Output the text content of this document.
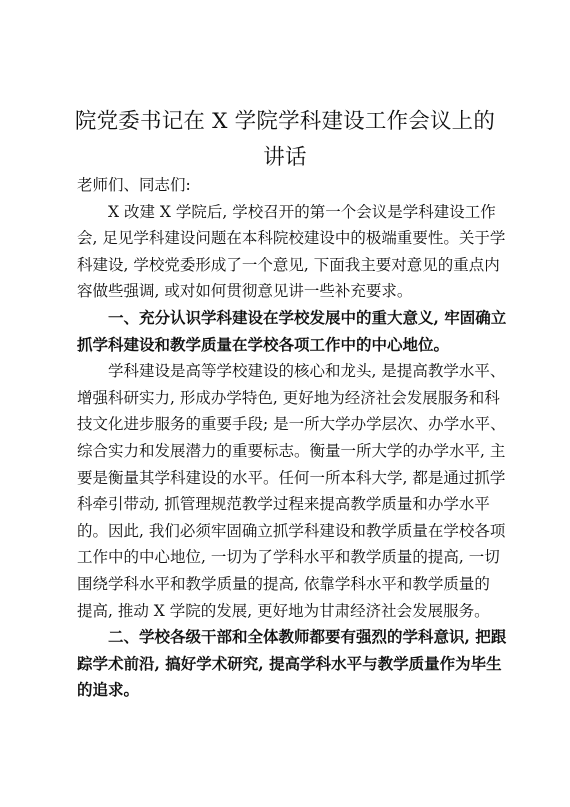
院党委书记在 X 学院学科建设工作会议上的
讲话
老师们、同志们:
X 改建 X 学院后, 学校召开的第一个会议是学科建设工作
会, 足见学科建设问题在本科院校建设中的极端重要性。关于学
科建设, 学校党委形成了一个意见, 下面我主要对意见的重点内
容做些强调, 或对如何贯彻意见讲一些补充要求。
一、充分认识学科建设在学校发展中的重大意义, 牢固确立
抓学科建设和教学质量在学校各项工作中的中心地位。
学科建设是高等学校建设的核心和龙头, 是提高教学水平、
增强科研实力, 形成办学特色, 更好地为经济社会发展服务和科
技文化进步服务的重要手段; 是一所大学办学层次、办学水平、
综合实力和发展潜力的重要标志。衡量一所大学的办学水平, 主
要是衡量其学科建设的水平。任何一所本科大学, 都是通过抓学
科牵引带动, 抓管理规范教学过程来提高教学质量和办学水平
的。因此, 我们必须牢固确立抓学科建设和教学质量在学校各项
工作中的中心地位, 一切为了学科水平和教学质量的提高, 一切
围绕学科水平和教学质量的提高, 依靠学科水平和教学质量的
提高, 推动 X 学院的发展, 更好地为甘肃经济社会发展服务。
二、学校各级干部和全体教师都要有强烈的学科意识, 把跟
踪学术前沿, 搞好学术研究, 提高学科水平与教学质量作为毕生
的追求。
